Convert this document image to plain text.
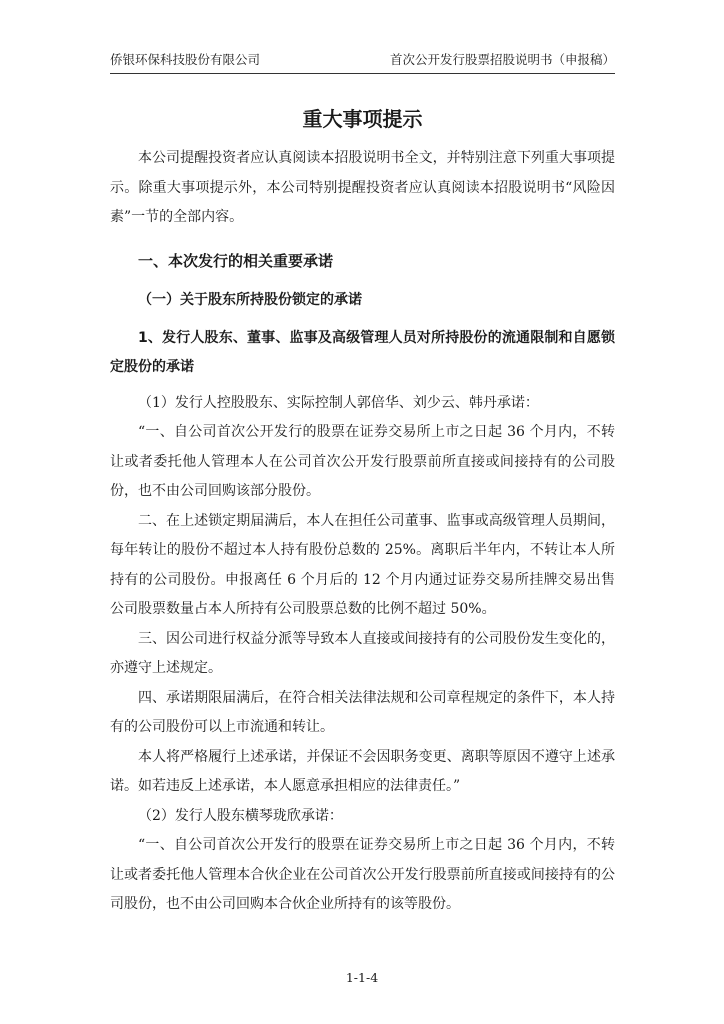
侨银环保科技股份有限公司	首次公开发行股票招股说明书（申报稿）
重大事项提示

本公司提醒投资者应认真阅读本招股说明书全文，并特别注意下列重大事项提示。除重大事项提示外，本公司特别提醒投资者应认真阅读本招股说明书“风险因素”一节的全部内容。

一、本次发行的相关重要承诺

（一）关于股东所持股份锁定的承诺

1、发行人股东、董事、监事及高级管理人员对所持股份的流通限制和自愿锁定股份的承诺

（1）发行人控股股东、实际控制人郭倍华、刘少云、韩丹承诺：

“一、自公司首次公开发行的股票在证券交易所上市之日起 36 个月内，不转让或者委托他人管理本人在公司首次公开发行股票前所直接或间接持有的公司股份，也不由公司回购该部分股份。

二、在上述锁定期届满后，本人在担任公司董事、监事或高级管理人员期间，每年转让的股份不超过本人持有股份总数的 25%。离职后半年内，不转让本人所持有的公司股份。申报离任 6 个月后的 12 个月内通过证券交易所挂牌交易出售公司股票数量占本人所持有公司股票总数的比例不超过 50%。

三、因公司进行权益分派等导致本人直接或间接持有的公司股份发生变化的，亦遵守上述规定。

四、承诺期限届满后，在符合相关法律法规和公司章程规定的条件下，本人持有的公司股份可以上市流通和转让。

本人将严格履行上述承诺，并保证不会因职务变更、离职等原因不遵守上述承诺。如若违反上述承诺，本人愿意承担相应的法律责任。”

（2）发行人股东横琴珑欣承诺：

“一、自公司首次公开发行的股票在证券交易所上市之日起 36 个月内，不转让或者委托他人管理本合伙企业在公司首次公开发行股票前所直接或间接持有的公司股份，也不由公司回购本合伙企业所持有的该等股份。

1-1-4
